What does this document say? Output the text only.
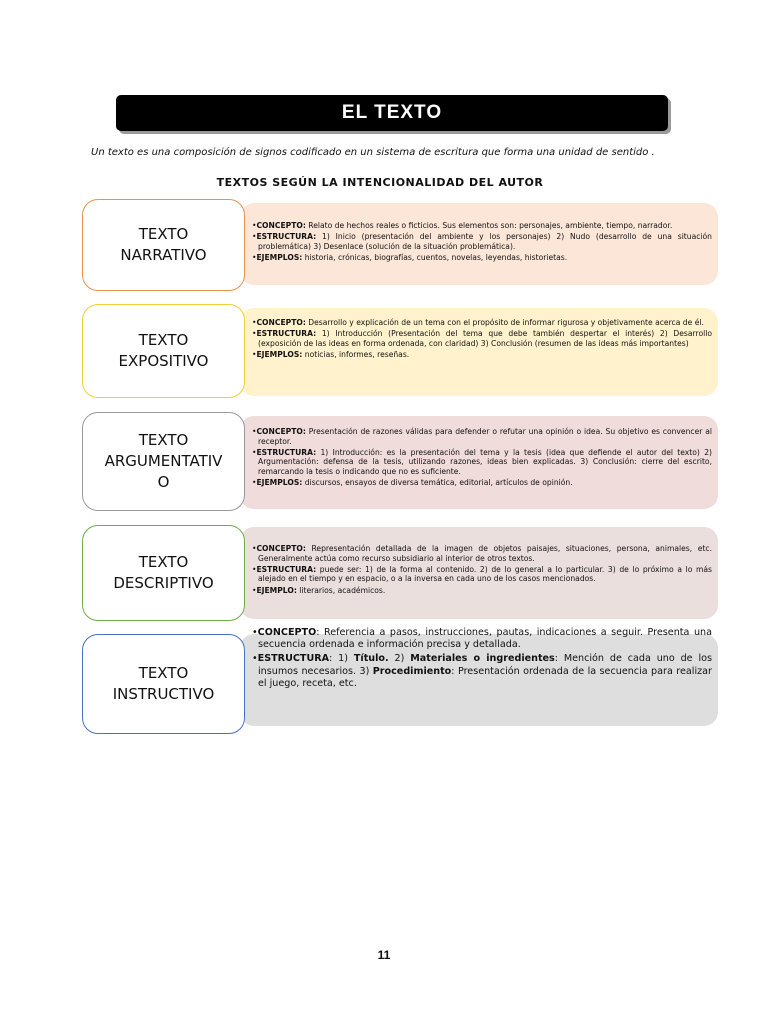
EL TEXTO

Un texto es una composición de signos codificado en un sistema de escritura que forma una unidad de sentido .

TEXTOS SEGÚN LA INTENCIONALIDAD DEL AUTOR

TEXTO
NARRATIVO
•CONCEPTO: Relato de hechos reales o ficticios. Sus elementos son: personajes, ambiente, tiempo, narrador.
•ESTRUCTURA: 1) Inicio (presentación del ambiente y los personajes) 2) Nudo (desarrollo de una situación problemática) 3) Desenlace (solución de la situación problemática).
•EJEMPLOS: historia, crónicas, biografías, cuentos, novelas, leyendas, historietas.
TEXTO
EXPOSITIVO
•CONCEPTO: Desarrollo y explicación de un tema con el propósito de informar rigurosa y objetivamente acerca de él.
•ESTRUCTURA: 1) Introducción (Presentación del tema que debe también despertar el interés) 2) Desarrollo (exposición de las ideas en forma ordenada, con claridad) 3) Conclusión (resumen de las ideas más importantes)
•EJEMPLOS: noticias, informes, reseñas.
TEXTO
ARGUMENTATIV
O
•CONCEPTO: Presentación de razones válidas para defender o refutar una opinión o idea. Su objetivo es convencer al receptor.
•ESTRUCTURA: 1) Introducción: es la presentación del tema y la tesis (idea que defiende el autor del texto) 2) Argumentación: defensa de la tesis, utilizando razones, ideas bien explicadas. 3) Conclusión: cierre del escrito, remarcando la tesis o indicando que no es suficiente.
•EJEMPLOS: discursos, ensayos de diversa temática, editorial, artículos de opinión.
TEXTO
DESCRIPTIVO
•CONCEPTO: Representación detallada de la imagen de objetos paisajes, situaciones, persona, animales, etc. Generalmente actúa como recurso subsidiario al interior de otros textos.
•ESTRUCTURA: puede ser: 1) de la forma al contenido. 2) de lo general a lo particular. 3) de lo próximo a lo más alejado en el tiempo y en espacio, o a la inversa en cada uno de los casos mencionados.
•EJEMPLO: literarios, académicos.
TEXTO
INSTRUCTIVO
•CONCEPTO: Referencia a pasos, instrucciones, pautas, indicaciones a seguir. Presenta una secuencia ordenada e información precisa y detallada.
•ESTRUCTURA: 1) Título. 2) Materiales o ingredientes: Mención de cada uno de los insumos necesarios. 3) Procedimiento: Presentación ordenada de la secuencia para realizar el juego, receta, etc.
11
